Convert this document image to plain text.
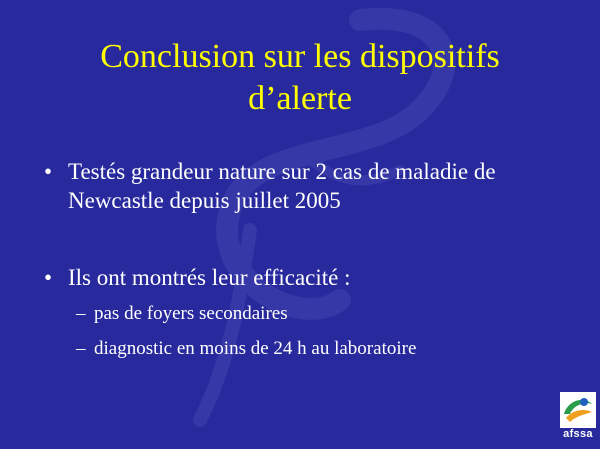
Conclusion sur les dispositifs
d’alerte
• Testés grandeur nature sur 2 cas de maladie de
Newcastle depuis juillet 2005
• Ils ont montrés leur efficacité :
– pas de foyers secondaires
– diagnostic en moins de 24 h au laboratoire
afssa
